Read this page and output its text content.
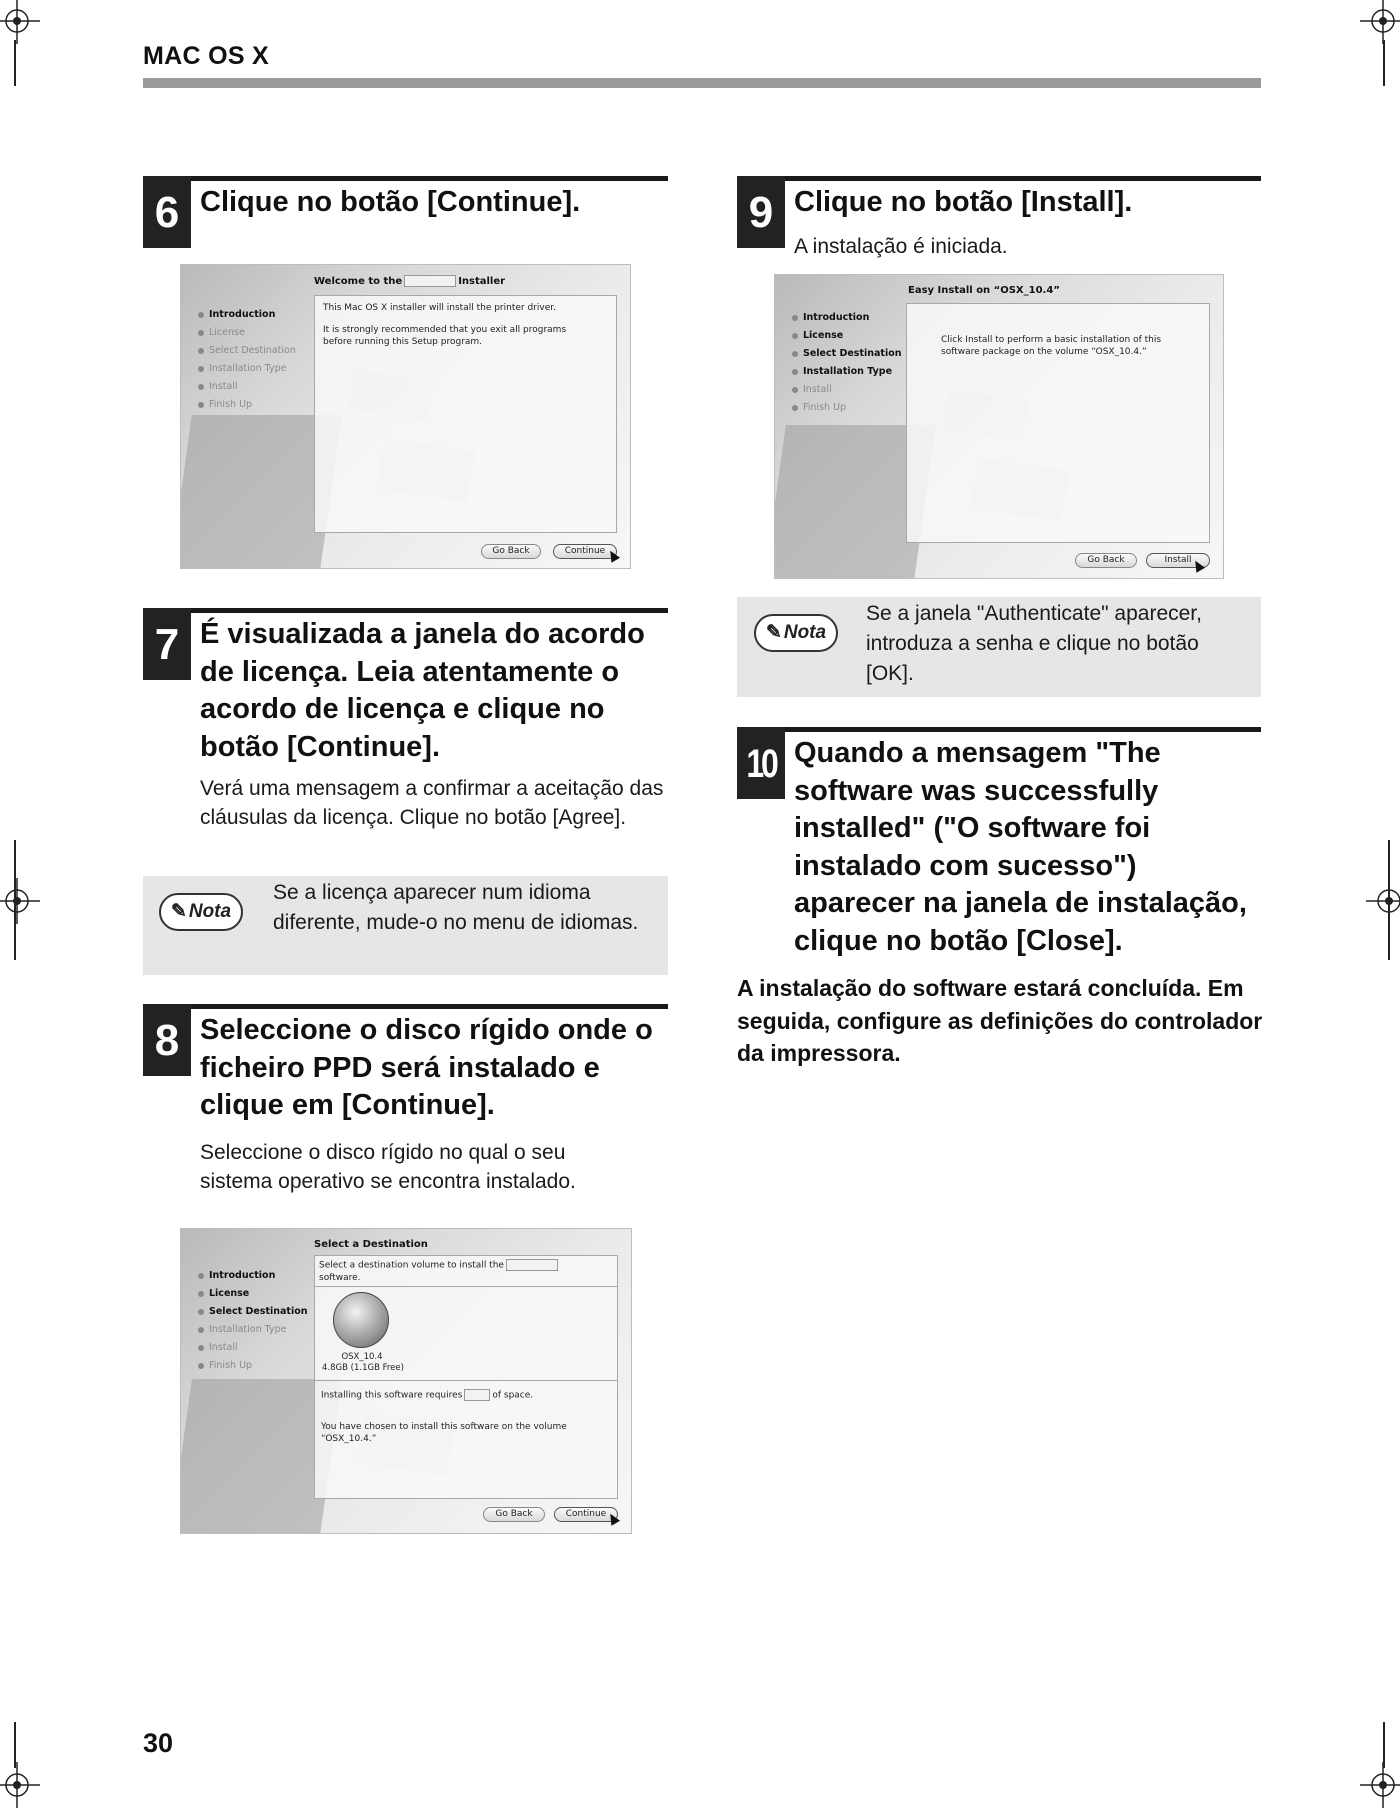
MAC OS X
6 Clique no botão [Continue].
Welcome to the	Installer
Introduction
License
Select Destination
Installation Type
Install
Finish Up

This Mac OS X installer will install the printer driver.

It is strongly recommended that you exit all programs before running this Setup program.

Go Back	Continue
7 É visualizada a janela do acordo de licença. Leia atentamente o acordo de licença e clique no botão [Continue].
Verá uma mensagem a confirmar a aceitação das cláusulas da licença. Clique no botão [Agree].
✎ Nota
Se a licença aparecer num idioma diferente, mude-o no menu de idiomas.
8 Seleccione o disco rígido onde o ficheiro PPD será instalado e clique em [Continue].
Seleccione o disco rígido no qual o seu sistema operativo se encontra instalado.
Select a Destination
Introduction
License
Select Destination
Installation Type
Install
Finish Up
Select a destination volume to install the
software.
OSX_10.4
4.8GB (1.1GB Free)
Installing this software requires	of space.
You have chosen to install this software on the volume “OSX_10.4.”
Go Back	Continue
9 Clique no botão [Install].
A instalação é iniciada.
Easy Install on “OSX_10.4”
Introduction
License
Select Destination
Installation Type
Install
Finish Up

Click Install to perform a basic installation of this software package on the volume “OSX_10.4.”

Go Back	Install
✎ Nota
Se a janela "Authenticate" aparecer, introduza a senha e clique no botão [OK].
10 Quando a mensagem "The software was successfully installed" ("O software foi instalado com sucesso") aparecer na janela de instalação, clique no botão [Close].
A instalação do software estará concluída. Em seguida, configure as definições do controlador da impressora.
30
